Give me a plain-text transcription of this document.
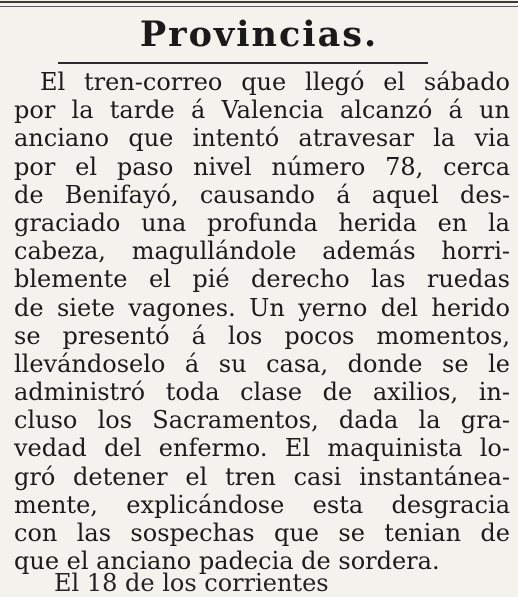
Provincias.
El tren-correo que llegó el sábado
por la tarde á Valencia alcanzó á un
anciano que intentó atravesar la via
por el paso nivel número 78, cerca
de Benifayó, causando á aquel des-
graciado una profunda herida en la
cabeza, magullándole además horri-
blemente el pié derecho las ruedas
de siete vagones. Un yerno del herido
se presentó á los pocos momentos,
llevándoselo á su casa, donde se le
administró toda clase de axilios, in-
cluso los Sacramentos, dada la gra-
vedad del enfermo. El maquinista lo-
gró detener el tren casi instantánea-
mente, explicándose esta desgracia
con las sospechas que se tenian de
que el anciano padecia de sordera.
El 18 de los corrientes
